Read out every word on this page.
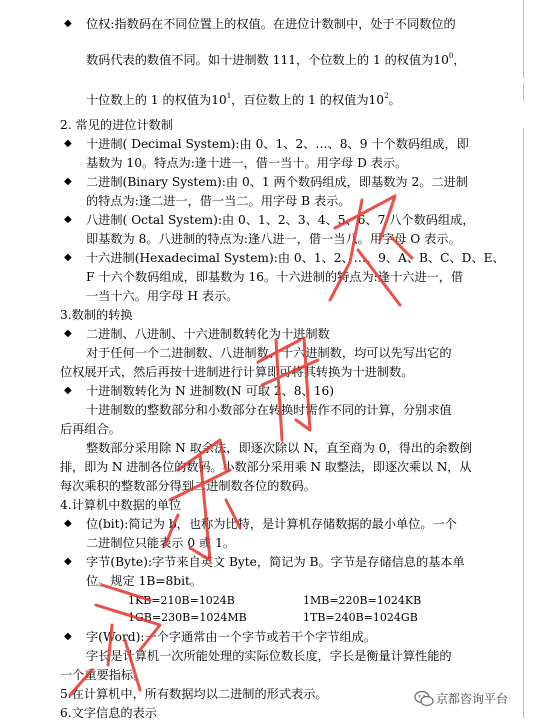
◆ 位权:指数码在不同位置上的权值。在进位计数制中，处于不同数位的
数码代表的数值不同。如十进制数 111，个位数上的 1 的权值为$10^0$，
十位数上的 1 的权值为$10^1$，百位数上的 1 的权值为$10^2$。
2. 常见的进位计数制
◆ 十进制( Decimal System):由 0、1、2、…、8、9 十个数码组成，即
基数为 10。特点为:逢十进一，借一当十。用字母 D 表示。
◆ 二进制(Binary System):由 0、1 两个数码组成，即基数为 2。二进制
的特点为:逢二进一，借一当二。用字母 B 表示。
◆ 八进制( Octal System):由 0、1、2、3、4、5、6、7 八个数码组成，
即基数为 8。八进制的特点为:逢八进一，借一当八。用字母 O 表示。
◆ 十六进制(Hexadecimal System):由 0、1、2、…、9、A、B、C、D、E、
F 十六个数码组成，即基数为 16。十六进制的特点为:逢十六进一，借
一当十六。用字母 H 表示。
3.数制的转换
◆ 二进制、八进制、十六进制数转化为十进制数
对于任何一个二进制数、八进制数、十六进制数，均可以先写出它的
位权展开式，然后再按十进制进行计算即可将其转换为十进制数。
◆ 十进制数转化为 N 进制数(N 可取 2、8、16)
十进制数的整数部分和小数部分在转换时需作不同的计算，分别求值
后再组合。
整数部分采用除 N 取余法，即逐次除以 N，直至商为 0，得出的余数倒
排，即为 N 进制各位的数码。小数部分采用乘 N 取整法，即逐次乘以 N，从
每次乘积的整数部分得到二进制数各位的数码。
4.计算机中数据的单位
◆ 位(bit):简记为 b，也称为比特，是计算机存储数据的最小单位。一个
二进制位只能表示 0 或 1。
◆ 字节(Byte):字节来自英文 Byte，简记为 B。字节是存储信息的基本单
位。规定 1B=8bit。
1KB=210B=1024B	1MB=220B=1024KB
1GB=230B=1024MB	1TB=240B=1024GB
◆ 字(Word):一个字通常由一个字节或若干个字节组成。
字长是计算机一次所能处理的实际位数长度，字长是衡量计算性能的
一个重要指标。
5.在计算机中，所有数据均以二进制的形式表示。
6.文字信息的表示
京都咨询平台
